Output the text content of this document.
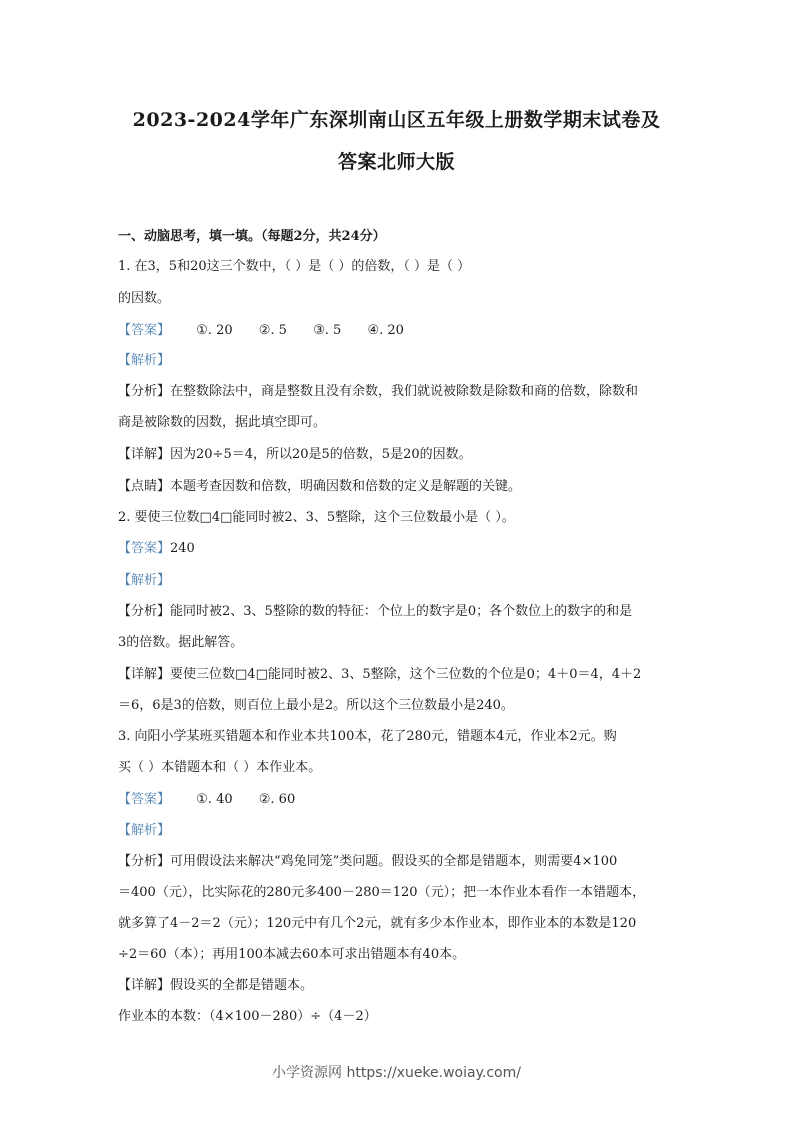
2023-2024学年广东深圳南山区五年级上册数学期末试卷及
答案北师大版
一、动脑思考，填一填。（每题2分，共24分）
1. 在3，5和20这三个数中，（ ）是（ ）的倍数，（ ）是（ ）
的因数。
【答案】 ①. 20 ②. 5 ③. 5 ④. 20
【解析】
【分析】在整数除法中，商是整数且没有余数，我们就说被除数是除数和商的倍数，除数和
商是被除数的因数，据此填空即可。
【详解】因为20÷5＝4，所以20是5的倍数，5是20的因数。
【点睛】本题考查因数和倍数，明确因数和倍数的定义是解题的关键。
2. 要使三位数□4□能同时被2、3、5整除，这个三位数最小是（ ）。
【答案】240
【解析】
【分析】能同时被2、3、5整除的数的特征：个位上的数字是0；各个数位上的数字的和是
3的倍数。据此解答。
【详解】要使三位数□4□能同时被2、3、5整除，这个三位数的个位是0；4＋0＝4，4＋2
＝6，6是3的倍数，则百位上最小是2。所以这个三位数最小是240。
3. 向阳小学某班买错题本和作业本共100本，花了280元，错题本4元，作业本2元。购
买（ ）本错题本和（ ）本作业本。
【答案】 ①. 40 ②. 60
【解析】
【分析】可用假设法来解决“鸡兔同笼”类问题。假设买的全都是错题本，则需要4×100
＝400（元），比实际花的280元多400－280＝120（元）；把一本作业本看作一本错题本，
就多算了4－2＝2（元）；120元中有几个2元，就有多少本作业本，即作业本的本数是120
÷2＝60（本）；再用100本减去60本可求出错题本有40本。
【详解】假设买的全都是错题本。
作业本的本数：（4×100－280）÷（4－2）
小学资源网 https://xueke.woiay.com/
